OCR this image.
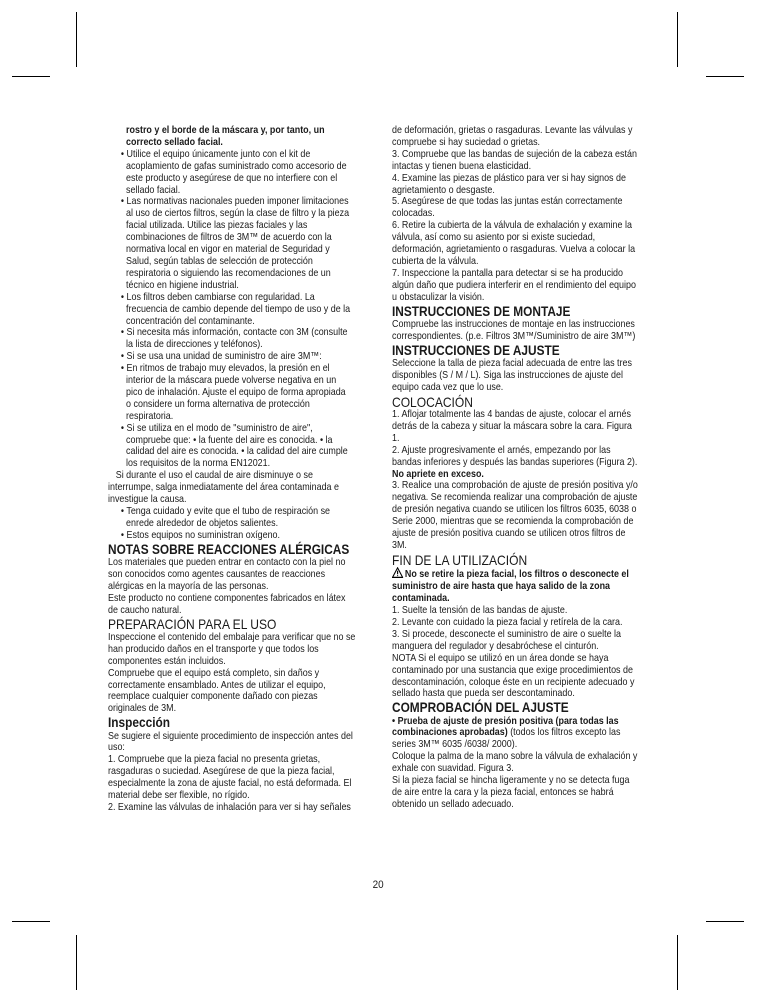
rostro y el borde de la máscara y, por tanto, un
correcto sellado facial.
• Utilice el equipo únicamente junto con el kit de
acoplamiento de gafas suministrado como accesorio de
este producto y asegúrese de que no interfiere con el
sellado facial.
• Las normativas nacionales pueden imponer limitaciones
al uso de ciertos filtros, según la clase de filtro y la pieza
facial utilizada. Utilice las piezas faciales y las
combinaciones de filtros de 3M™ de acuerdo con la
normativa local en vigor en material de Seguridad y
Salud, según tablas de selección de protección
respiratoria o siguiendo las recomendaciones de un
técnico en higiene industrial.
• Los filtros deben cambiarse con regularidad. La
frecuencia de cambio depende del tiempo de uso y de la
concentración del contaminante.
• Si necesita más información, contacte con 3M (consulte
la lista de direcciones y teléfonos).
• Si se usa una unidad de suministro de aire 3M™:
• En ritmos de trabajo muy elevados, la presión en el
interior de la máscara puede volverse negativa en un
pico de inhalación. Ajuste el equipo de forma apropiada
o considere un forma alternativa de protección
respiratoria.
• Si se utiliza en el modo de "suministro de aire",
compruebe que: • la fuente del aire es conocida. • la
calidad del aire es conocida. • la calidad del aire cumple
los requisitos de la norma EN12021.
Si durante el uso el caudal de aire disminuye o se
interrumpe, salga inmediatamente del área contaminada e
investigue la causa.
• Tenga cuidado y evite que el tubo de respiración se
enrede alrededor de objetos salientes.
• Estos equipos no suministran oxígeno.
NOTAS SOBRE REACCIONES ALÉRGICAS
Los materiales que pueden entrar en contacto con la piel no
son conocidos como agentes causantes de reacciones
alérgicas en la mayoría de las personas.
Este producto no contiene componentes fabricados en látex
de caucho natural.
PREPARACIÓN PARA EL USO
Inspeccione el contenido del embalaje para verificar que no se
han producido daños en el transporte y que todos los
componentes están incluidos.
Compruebe que el equipo está completo, sin daños y
correctamente ensamblado. Antes de utilizar el equipo,
reemplace cualquier componente dañado con piezas
originales de 3M.
Inspección
Se sugiere el siguiente procedimiento de inspección antes del
uso:
1. Compruebe que la pieza facial no presenta grietas,
rasgaduras o suciedad. Asegúrese de que la pieza facial,
especialmente la zona de ajuste facial, no está deformada. El
material debe ser flexible, no rígido.
2. Examine las válvulas de inhalación para ver si hay señales
de deformación, grietas o rasgaduras. Levante las válvulas y
compruebe si hay suciedad o grietas.
3. Compruebe que las bandas de sujeción de la cabeza están
intactas y tienen buena elasticidad.
4. Examine las piezas de plástico para ver si hay signos de
agrietamiento o desgaste.
5. Asegúrese de que todas las juntas están correctamente
colocadas.
6. Retire la cubierta de la válvula de exhalación y examine la
válvula, así como su asiento por si existe suciedad,
deformación, agrietamiento o rasgaduras. Vuelva a colocar la
cubierta de la válvula.
7. Inspeccione la pantalla para detectar si se ha producido
algún daño que pudiera interferir en el rendimiento del equipo
u obstaculizar la visión.
INSTRUCCIONES DE MONTAJE
Compruebe las instrucciones de montaje en las instrucciones
correspondientes. (p.e. Filtros 3M™/Suministro de aire 3M™)
INSTRUCCIONES DE AJUSTE
Seleccione la talla de pieza facial adecuada de entre las tres
disponibles (S / M / L). Siga las instrucciones de ajuste del
equipo cada vez que lo use.
COLOCACIÓN
1. Aflojar totalmente las 4 bandas de ajuste, colocar el arnés
detrás de la cabeza y situar la máscara sobre la cara. Figura
1.
2. Ajuste progresivamente el arnés, empezando por las
bandas inferiores y después las bandas superiores (Figura 2).
No apriete en exceso.
3. Realice una comprobación de ajuste de presión positiva y/o
negativa. Se recomienda realizar una comprobación de ajuste
de presión negativa cuando se utilicen los filtros 6035, 6038 o
Serie 2000, mientras que se recomienda la comprobación de
ajuste de presión positiva cuando se utilicen otros filtros de
3M.
FIN DE LA UTILIZACIÓN
No se retire la pieza facial, los filtros o desconecte el
suministro de aire hasta que haya salido de la zona
contaminada.
1. Suelte la tensión de las bandas de ajuste.
2. Levante con cuidado la pieza facial y retírela de la cara.
3. Si procede, desconecte el suministro de aire o suelte la
manguera del regulador y desabróchese el cinturón.
NOTA Si el equipo se utilizó en un área donde se haya
contaminado por una sustancia que exige procedimientos de
descontaminación, coloque éste en un recipiente adecuado y
sellado hasta que pueda ser descontaminado.
COMPROBACIÓN DEL AJUSTE
• Prueba de ajuste de presión positiva (para todas las
combinaciones aprobadas) (todos los filtros excepto las
series 3M™ 6035 /6038/ 2000).
Coloque la palma de la mano sobre la válvula de exhalación y
exhale con suavidad. Figura 3.
Si la pieza facial se hincha ligeramente y no se detecta fuga
de aire entre la cara y la pieza facial, entonces se habrá
obtenido un sellado adecuado.
20
